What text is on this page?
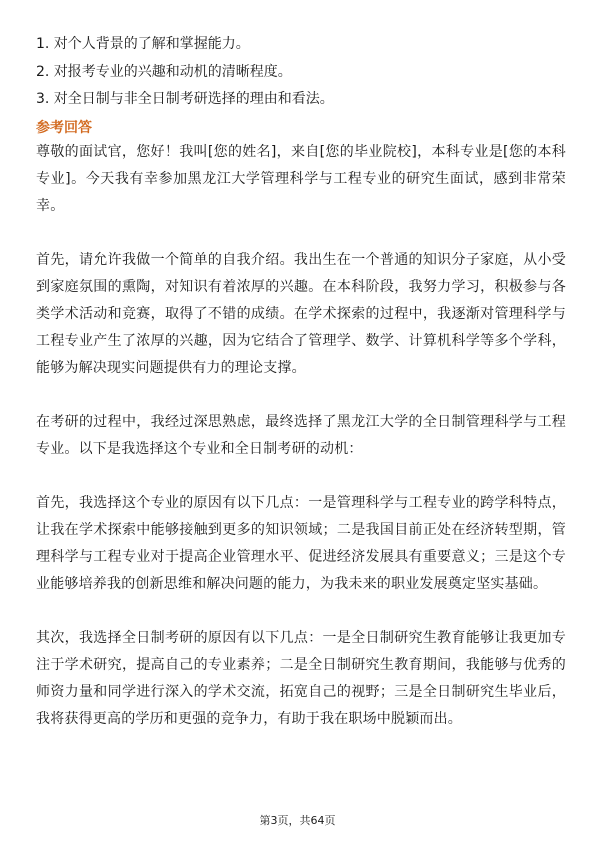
1. 对个人背景的了解和掌握能力。
2. 对报考专业的兴趣和动机的清晰程度。
3. 对全日制与非全日制考研选择的理由和看法。
参考回答

尊敬的面试官，您好！我叫[您的姓名]，来自[您的毕业院校]，本科专业是[您的本科专业]。今天我有幸参加黑龙江大学管理科学与工程专业的研究生面试，感到非常荣幸。

首先，请允许我做一个简单的自我介绍。我出生在一个普通的知识分子家庭，从小受到家庭氛围的熏陶，对知识有着浓厚的兴趣。在本科阶段，我努力学习，积极参与各类学术活动和竞赛，取得了不错的成绩。在学术探索的过程中，我逐渐对管理科学与工程专业产生了浓厚的兴趣，因为它结合了管理学、数学、计算机科学等多个学科，能够为解决现实问题提供有力的理论支撑。

在考研的过程中，我经过深思熟虑，最终选择了黑龙江大学的全日制管理科学与工程专业。以下是我选择这个专业和全日制考研的动机：

首先，我选择这个专业的原因有以下几点：一是管理科学与工程专业的跨学科特点，让我在学术探索中能够接触到更多的知识领域；二是我国目前正处在经济转型期，管理科学与工程专业对于提高企业管理水平、促进经济发展具有重要意义；三是这个专业能够培养我的创新思维和解决问题的能力，为我未来的职业发展奠定坚实基础。

其次，我选择全日制考研的原因有以下几点：一是全日制研究生教育能够让我更加专注于学术研究，提高自己的专业素养；二是全日制研究生教育期间，我能够与优秀的师资力量和同学进行深入的学术交流，拓宽自己的视野；三是全日制研究生毕业后，我将获得更高的学历和更强的竞争力，有助于我在职场中脱颖而出。

第3页，共64页
